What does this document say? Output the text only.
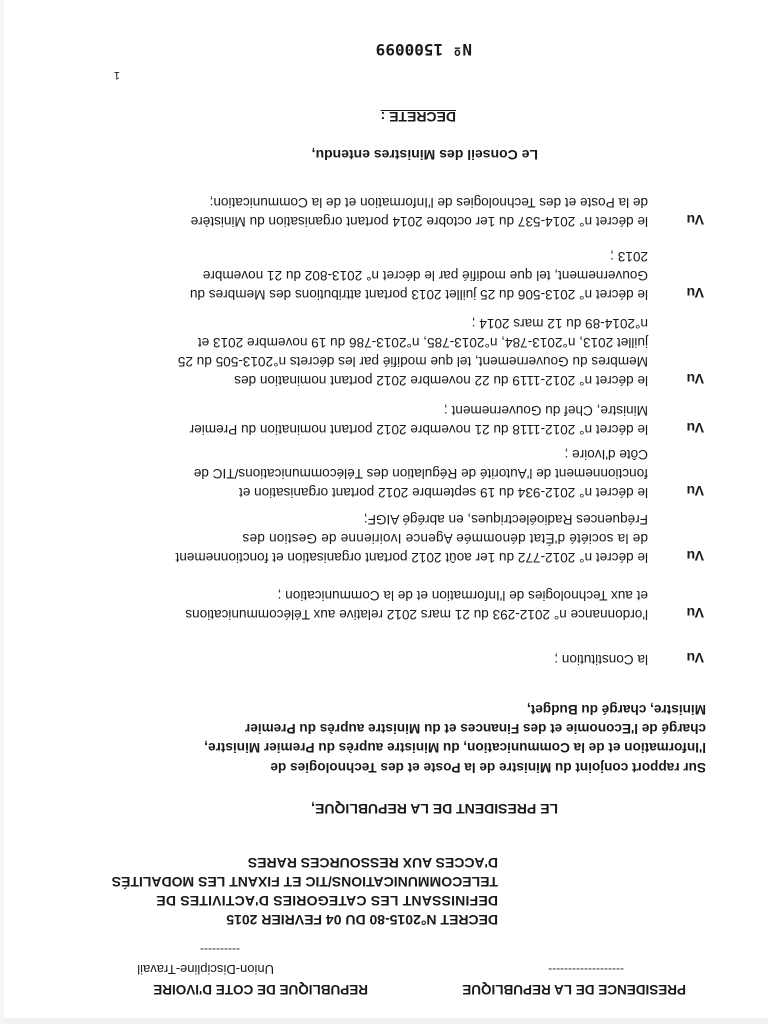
PRESIDENCE DE LA REPUBLIQUE
-------------------
REPUBLIQUE DE COTE D'IVOIRE
Union-Discipline-Travail
----------
DECRET N°2015-80 DU 04 FEVRIER 2015
DEFINISSANT LES CATEGORIES D'ACTIVITES DE
TELECOMMUNICATIONS/TIC ET FIXANT LES MODALITÉS
D'ACCES AUX RESSOURCES RARES
LE PRESIDENT DE LA REPUBLIQUE,
Sur rapport conjoint du Ministre de la Poste et des Technologies de
l'Information et de la Communication, du Ministre auprès du Premier Ministre,
chargé de l'Economie et des Finances et du Ministre auprès du Premier
Ministre, chargé du Budget,
Vu
la Constitution ;
Vu
l'ordonnance n° 2012-293 du 21 mars 2012 relative aux Télécommunications
et aux Technologies de l'Information et de la Communication ;
Vu
le décret n° 2012-772 du 1er août 2012 portant organisation et fonctionnement
de la société d'État dénommée Agence Ivoirienne de Gestion des
Fréquences Radioélectriques, en abrégé AIGF;
Vu
le décret n° 2012-934 du 19 septembre 2012 portant organisation et
fonctionnement de l'Autorité de Régulation des Télécommunications/TIC de
Côte d'Ivoire ;
Vu
le décret n° 2012-1118 du 21 novembre 2012 portant nomination du Premier
Ministre, Chef du Gouvernement ;
Vu
le décret n° 2012-1119 du 22 novembre 2012 portant nomination des
Membres du Gouvernement, tel que modifié par les décrets n°2013-505 du 25
juillet 2013, n°2013-784, n°2013-785, n°2013-786 du 19 novembre 2013 et
n°2014-89 du 12 mars 2014 ;
Vu
le décret n° 2013-506 du 25 juillet 2013 portant attributions des Membres du
Gouvernement, tel que modifié par le décret n° 2013-802 du 21 novembre
2013 ;
Vu
le décret n° 2014-537 du 1er octobre 2014 portant organisation du Ministère
de la Poste et des Technologies de l'Information et de la Communication;
Le Conseil des Ministres entendu,
DECRETE :
1
Nº 1500099
